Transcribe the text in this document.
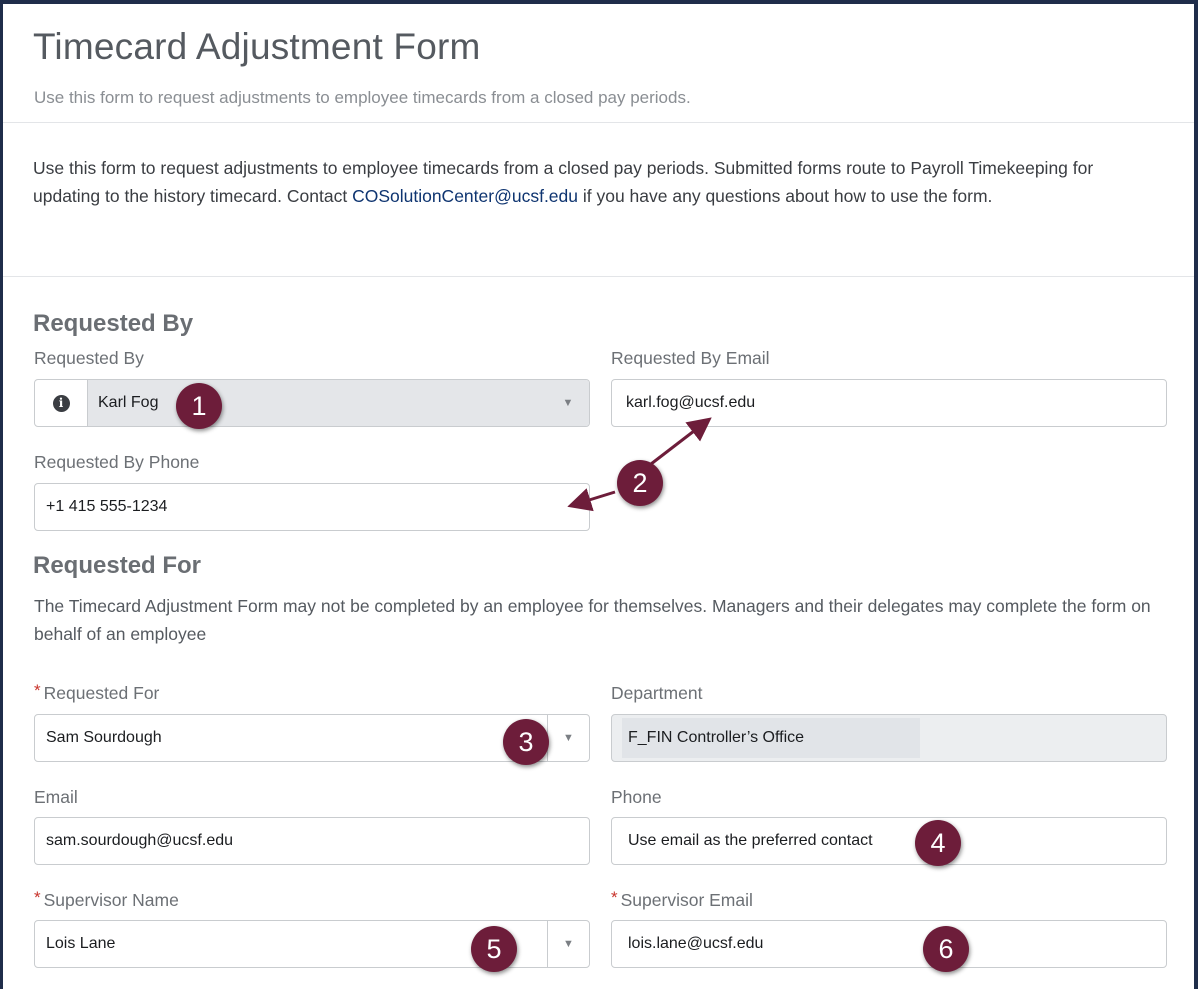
Timecard Adjustment Form
Use this form to request adjustments to employee timecards from a closed pay periods.
Use this form to request adjustments to employee timecards from a closed pay periods. Submitted forms route to Payroll Timekeeping for updating to the history timecard. Contact COSolutionCenter@ucsf.edu if you have any questions about how to use the form.
Requested By
Requested By
i	Karl Fog	▼
Requested By Email
karl.fog@ucsf.edu
Requested By Phone
+1 415 555-1234
Requested For
The Timecard Adjustment Form may not be completed by an employee for themselves. Managers and their delegates may complete the form on behalf of an employee
* Requested For
Sam Sourdough	▼
Department
F_FIN Controller’s Office
Email
sam.sourdough@ucsf.edu
Phone
Use email as the preferred contact
* Supervisor Name
Lois Lane	▼
* Supervisor Email
lois.lane@ucsf.edu
1
2
3
4
5	6
